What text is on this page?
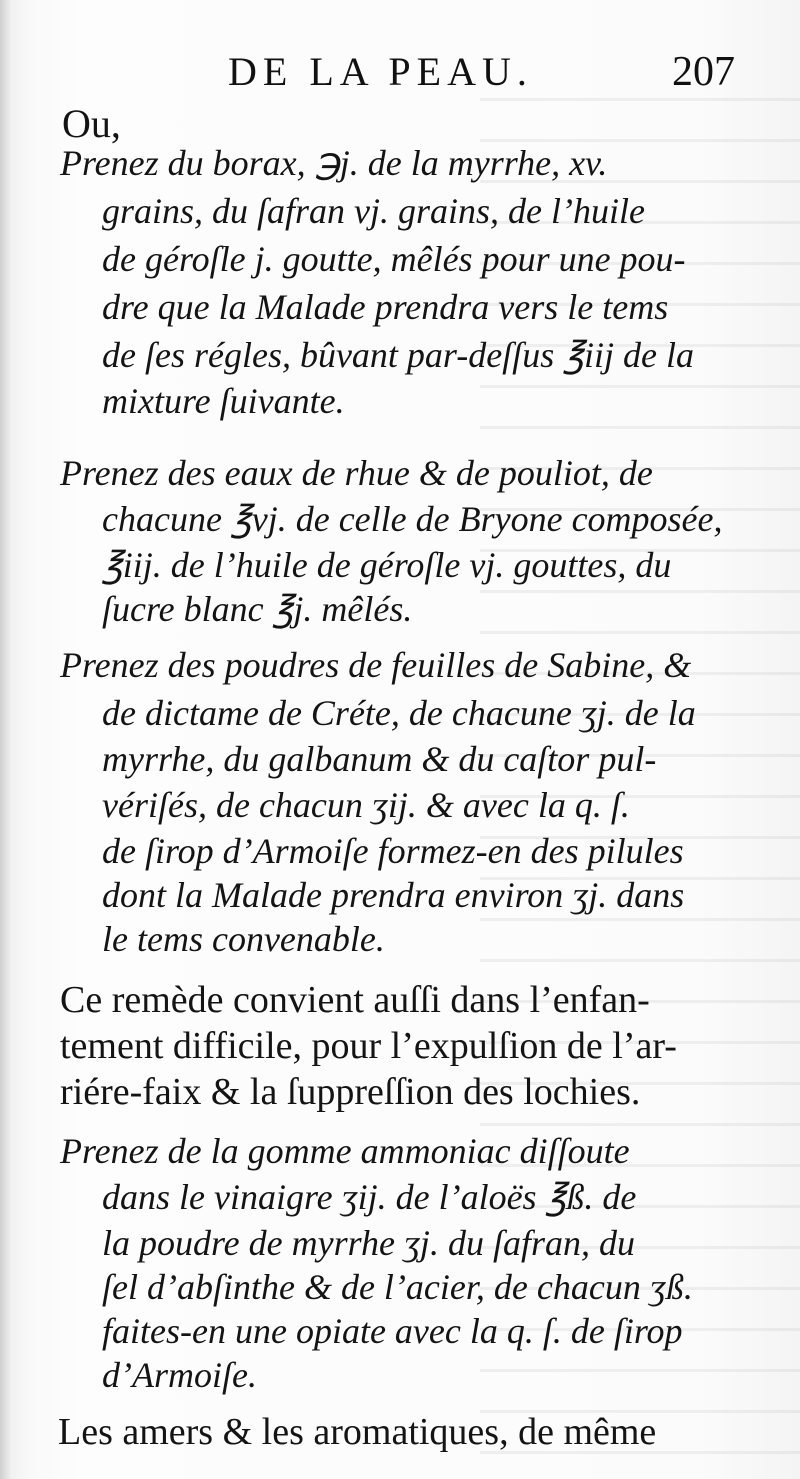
DE LA PEAU.	207
Ou,
Prenez du borax, ℈j. de la myrrhe, xv.
grains, du ſafran vj. grains, de l’huile
de géroſle j. goutte, mêlés pour une pou-
dre que la Malade prendra vers le tems
de ſes régles, bûvant par-deſſus ℥iij de la
mixture ſuivante.
Prenez des eaux de rhue & de pouliot, de
chacune ℥vj. de celle de Bryone composée,
℥iij. de l’huile de géroſle vj. gouttes, du
ſucre blanc ℥j. mêlés.
Prenez des poudres de feuilles de Sabine, &
de dictame de Créte, de chacune ʒj. de la
myrrhe, du galbanum & du caſtor pul-
vériſés, de chacun ʒij. & avec la q. ſ.
de ſirop d’Armoiſe formez-en des pilules
dont la Malade prendra environ ʒj. dans
le tems convenable.
Ce remède convient auſſi dans l’enfan-
tement difficile, pour l’expulſion de l’ar-
riére-faix & la ſuppreſſion des lochies.
Prenez de la gomme ammoniac diſſoute
dans le vinaigre ʒij. de l’aloës ℥ß. de
la poudre de myrrhe ʒj. du ſafran, du
ſel d’abſinthe & de l’acier, de chacun ʒß.
faites-en une opiate avec la q. ſ. de ſirop
d’Armoiſe.
Les amers & les aromatiques, de même
